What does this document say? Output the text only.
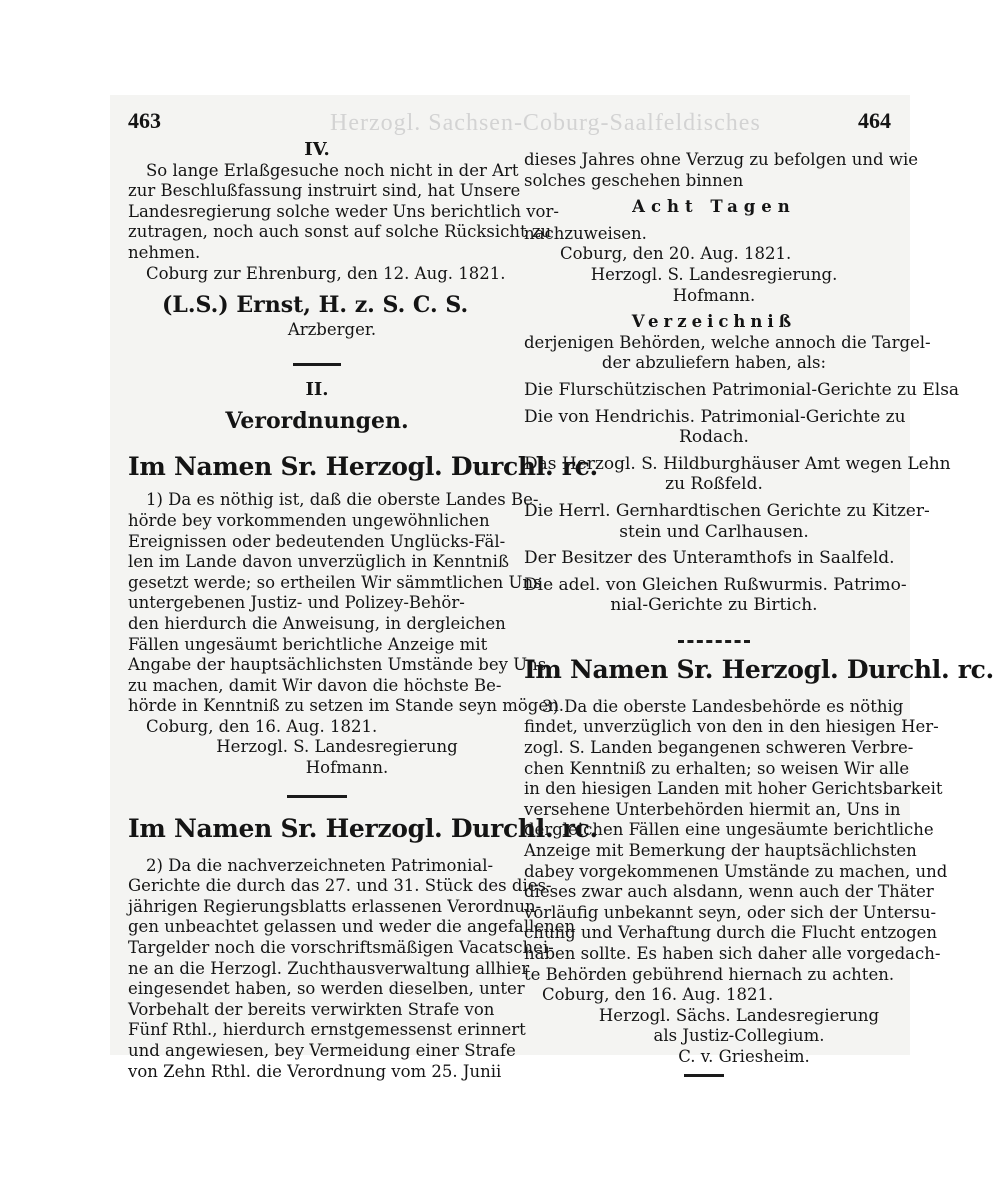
Herzogl. Sachsen-Coburg-Saalfeldisches
463	464
IV.
So lange Erlaßgesuche noch nicht in der Art
zur Beschlußfassung instruirt sind, hat Unsere
Landesregierung solche weder Uns berichtlich vor-
zutragen, noch auch sonst auf solche Rücksicht zu
nehmen.
Coburg zur Ehrenburg, den 12. Aug. 1821.
(L.S.) Ernst, H. z. S. C. S.
Arzberger.
II.
Verordnungen.
Im Namen Sr. Herzogl. Durchl. rc.
1) Da es nöthig ist, daß die oberste Landes Be-
hörde bey vorkommenden ungewöhnlichen
Ereignissen oder bedeutenden Unglücks-Fäl-
len im Lande davon unverzüglich in Kenntniß
gesetzt werde; so ertheilen Wir sämmtlichen Uns
untergebenen Justiz- und Polizey-Behör-
den hierdurch die Anweisung, in dergleichen
Fällen ungesäumt berichtliche Anzeige mit
Angabe der hauptsächlichsten Umstände bey Uns
zu machen, damit Wir davon die höchste Be-
hörde in Kenntniß zu setzen im Stande seyn mögen.
Coburg, den 16. Aug. 1821.
Herzogl. S. Landesregierung
Hofmann.
Im Namen Sr. Herzogl. Durchl. rc.
2) Da die nachverzeichneten Patrimonial-
Gerichte die durch das 27. und 31. Stück des dies-
jährigen Regierungsblatts erlassenen Verordnun-
gen unbeachtet gelassen und weder die angefallenen
Targelder noch die vorschriftsmäßigen Vacatschei-
ne an die Herzogl. Zuchthausverwaltung allhier
eingesendet haben, so werden dieselben, unter
Vorbehalt der bereits verwirkten Strafe von
Fünf Rthl., hierdurch ernstgemessenst erinnert
und angewiesen, bey Vermeidung einer Strafe
von Zehn Rthl. die Verordnung vom 25. Junii
dieses Jahres ohne Verzug zu befolgen und wie
solches geschehen binnen
Acht Tagen
nachzuweisen.
Coburg, den 20. Aug. 1821.
Herzogl. S. Landesregierung.
Hofmann.
Verzeichniß
derjenigen Behörden, welche annoch die Targel-
der abzuliefern haben, als:
Die Flurschützischen Patrimonial-Gerichte zu Elsa
Die von Hendrichis. Patrimonial-Gerichte zu
Rodach.
Das Herzogl. S. Hildburghäuser Amt wegen Lehn
zu Roßfeld.
Die Herrl. Gernhardtischen Gerichte zu Kitzer-
stein und Carlhausen.
Der Besitzer des Unteramthofs in Saalfeld.
Die adel. von Gleichen Rußwurmis. Patrimo-
nial-Gerichte zu Birtich.
Im Namen Sr. Herzogl. Durchl. rc.
3) Da die oberste Landesbehörde es nöthig
findet, unverzüglich von den in den hiesigen Her-
zogl. S. Landen begangenen schweren Verbre-
chen Kenntniß zu erhalten; so weisen Wir alle
in den hiesigen Landen mit hoher Gerichtsbarkeit
versehene Unterbehörden hiermit an, Uns in
dergleichen Fällen eine ungesäumte berichtliche
Anzeige mit Bemerkung der hauptsächlichsten
dabey vorgekommenen Umstände zu machen, und
dieses zwar auch alsdann, wenn auch der Thäter
vorläufig unbekannt seyn, oder sich der Untersu-
chung und Verhaftung durch die Flucht entzogen
haben sollte. Es haben sich daher alle vorgedach-
te Behörden gebührend hiernach zu achten.
Coburg, den 16. Aug. 1821.
Herzogl. Sächs. Landesregierung
als Justiz-Collegium.
C. v. Griesheim.
